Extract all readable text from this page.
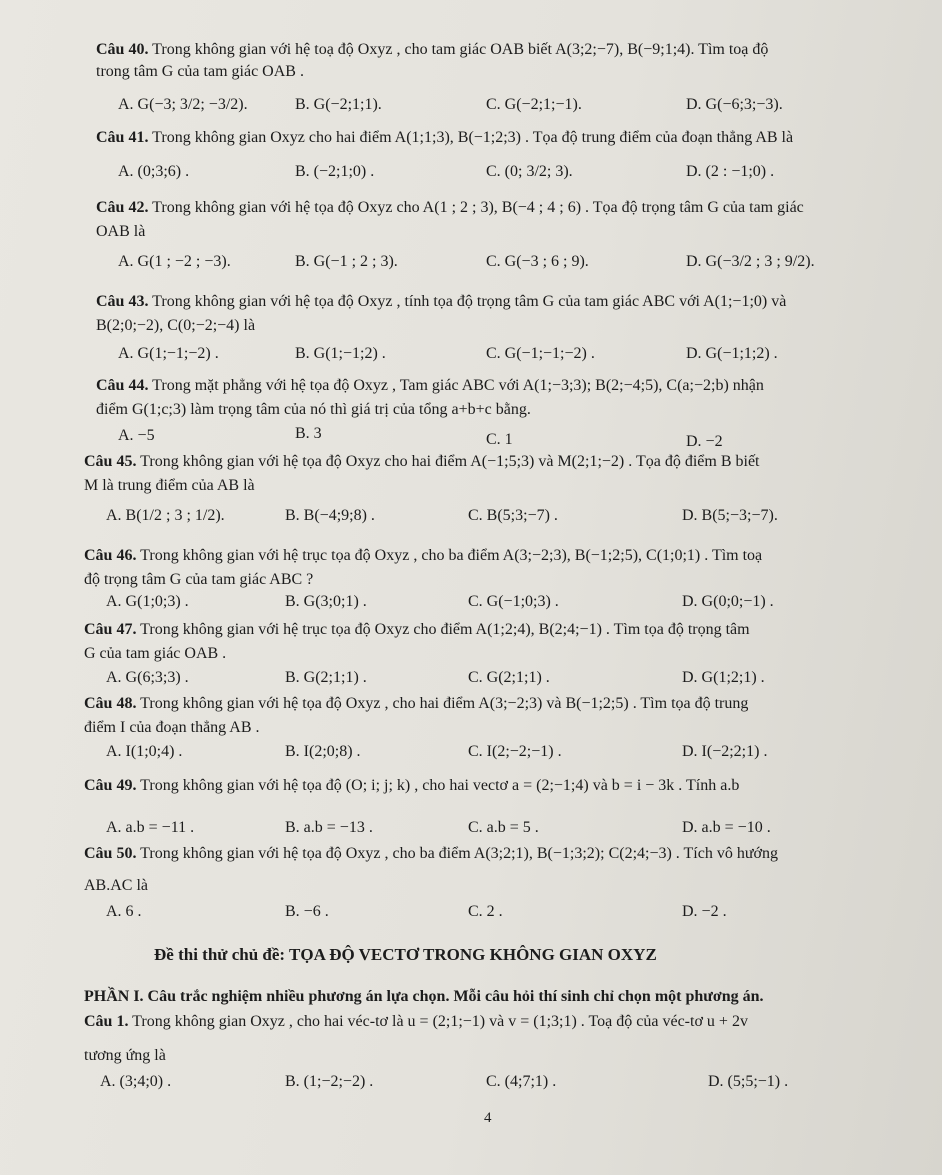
Câu 40. Trong không gian với hệ toạ độ Oxyz , cho tam giác OAB biết A(3;2;−7), B(−9;1;4). Tìm toạ độ
trong tâm G của tam giác OAB .
A. G(−3; 3/2; −3/2).	B. G(−2;1;1).	C. G(−2;1;−1).	D. G(−6;3;−3).
Câu 41. Trong không gian Oxyz cho hai điểm A(1;1;3), B(−1;2;3) . Tọa độ trung điểm của đoạn thẳng AB là
A. (0;3;6) .	B. (−2;1;0) .	C. (0; 3/2; 3).	D. (2 : −1;0) .
Câu 42. Trong không gian với hệ tọa độ Oxyz cho A(1 ; 2 ; 3), B(−4 ; 4 ; 6) . Tọa độ trọng tâm G của tam giác
OAB là
A. G(1 ; −2 ; −3).	B. G(−1 ; 2 ; 3).	C. G(−3 ; 6 ; 9).	D. G(−3/2 ; 3 ; 9/2).
Câu 43. Trong không gian với hệ tọa độ Oxyz , tính tọa độ trọng tâm G của tam giác ABC với A(1;−1;0) và
B(2;0;−2), C(0;−2;−4) là
A. G(1;−1;−2) .	B. G(1;−1;2) .	C. G(−1;−1;−2) .	D. G(−1;1;2) .
Câu 44. Trong mặt phẳng với hệ tọa độ Oxyz , Tam giác ABC với A(1;−3;3); B(2;−4;5), C(a;−2;b) nhận
điểm G(1;c;3) làm trọng tâm của nó thì giá trị của tổng a+b+c bằng.
A. −5	B. 3	C. 1	D. −2
Câu 45. Trong không gian với hệ tọa độ Oxyz cho hai điểm A(−1;5;3) và M(2;1;−2) . Tọa độ điểm B biết
M là trung điểm của AB là
A. B(1/2 ; 3 ; 1/2).	B. B(−4;9;8) .	C. B(5;3;−7) .	D. B(5;−3;−7).
Câu 46. Trong không gian với hệ trục tọa độ Oxyz , cho ba điểm A(3;−2;3), B(−1;2;5), C(1;0;1) . Tìm toạ
độ trọng tâm G của tam giác ABC ?
A. G(1;0;3) .	B. G(3;0;1) .	C. G(−1;0;3) .	D. G(0;0;−1) .
Câu 47. Trong không gian với hệ trục tọa độ Oxyz cho điểm A(1;2;4), B(2;4;−1) . Tìm tọa độ trọng tâm
G của tam giác OAB .
A. G(6;3;3) .	B. G(2;1;1) .	C. G(2;1;1) .	D. G(1;2;1) .
Câu 48. Trong không gian với hệ tọa độ Oxyz , cho hai điểm A(3;−2;3) và B(−1;2;5) . Tìm tọa độ trung
điểm I của đoạn thẳng AB .
A. I(1;0;4) .	B. I(2;0;8) .	C. I(2;−2;−1) .	D. I(−2;2;1) .
Câu 49. Trong không gian với hệ tọa độ (O; i; j; k) , cho hai vectơ a = (2;−1;4) và b = i − 3k . Tính a.b
A. a.b = −11 .	B. a.b = −13 .	C. a.b = 5 .	D. a.b = −10 .
Câu 50. Trong không gian với hệ tọa độ Oxyz , cho ba điểm A(3;2;1), B(−1;3;2); C(2;4;−3) . Tích vô hướng
AB.AC là
A. 6 .	B. −6 .	C. 2 .	D. −2 .
Đề thi thử chủ đề: TỌA ĐỘ VECTƠ TRONG KHÔNG GIAN OXYZ
PHẦN I. Câu trắc nghiệm nhiều phương án lựa chọn. Mỗi câu hỏi thí sinh chỉ chọn một phương án.
Câu 1. Trong không gian Oxyz , cho hai véc-tơ là u = (2;1;−1) và v = (1;3;1) . Toạ độ của véc-tơ u + 2v
tương ứng là
A. (3;4;0) .	B. (1;−2;−2) .	C. (4;7;1) .	D. (5;5;−1) .
4
